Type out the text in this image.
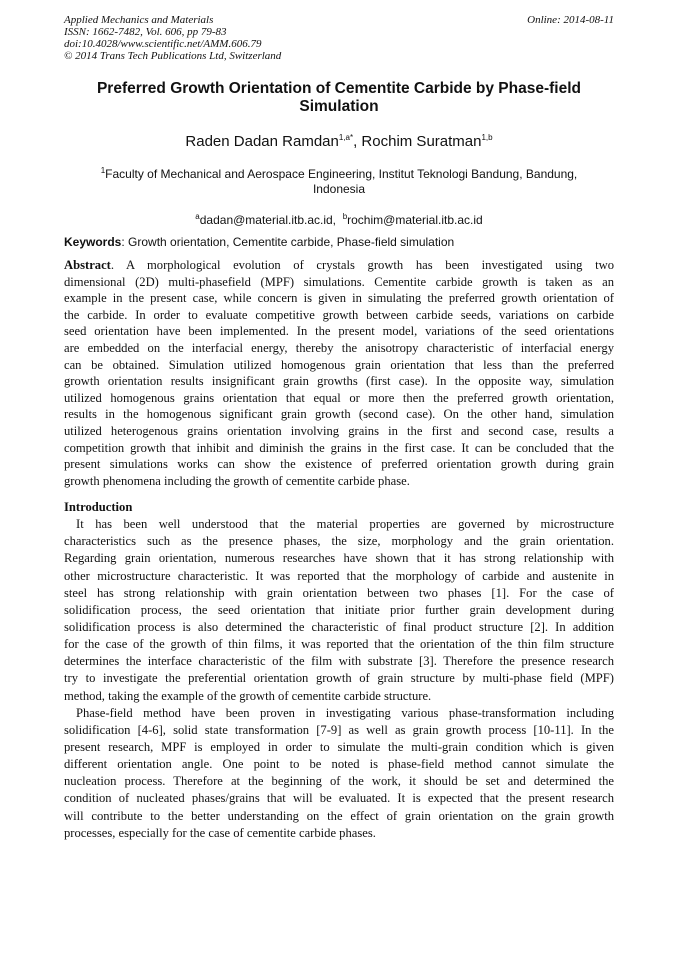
Applied Mechanics and Materials
ISSN: 1662-7482, Vol. 606, pp 79-83
doi:10.4028/www.scientific.net/AMM.606.79
© 2014 Trans Tech Publications Ltd, Switzerland
Online: 2014-08-11
Preferred Growth Orientation of Cementite Carbide by Phase-field
Simulation
Raden Dadan Ramdan$^{1,a*}$, Rochim Suratman$^{1,b}$
$^1$Faculty of Mechanical and Aerospace Engineering, Institut Teknologi Bandung, Bandung,
Indonesia
$^a$dadan@material.itb.ac.id,  $^b$rochim@material.itb.ac.id
Keywords: Growth orientation, Cementite carbide, Phase-field simulation
Abstract. A morphological evolution of crystals growth has been investigated using two
dimensional (2D) multi-phasefield (MPF) simulations. Cementite carbide growth is taken as an
example in the present case, while concern is given in simulating the preferred growth orientation of
the carbide. In order to evaluate competitive growth between carbide seeds, variations on carbide
seed orientation have been implemented. In the present model, variations of the seed orientations
are embedded on the interfacial energy, thereby the anisotropy characteristic of interfacial energy
can be obtained. Simulation utilized homogenous grain orientation that less than the preferred
growth orientation results insignificant grain growths (first case). In the opposite way, simulation
utilized homogenous grains orientation that equal or more then the preferred growth orientation,
results in the homogenous significant grain growth (second case). On the other hand, simulation
utilized heterogenous grains orientation involving grains in the first and second case, results a
competition growth that inhibit and diminish the grains in the first case. It can be concluded that the
present simulations works can show the existence of preferred orientation growth during grain
growth phenomena including the growth of cementite carbide phase.
Introduction
It has been well understood that the material properties are governed by microstructure
characteristics such as the presence phases, the size, morphology and the grain orientation.
Regarding grain orientation, numerous researches have shown that it has strong relationship with
other microstructure characteristic. It was reported that the morphology of carbide and austenite in
steel has strong relationship with grain orientation between two phases [1]. For the case of
solidification process, the seed orientation that initiate prior further grain development during
solidification process is also determined the characteristic of final product structure [2]. In addition
for the case of the growth of thin films, it was reported that the orientation of the thin film structure
determines the interface characteristic of the film with substrate [3]. Therefore the presence research
try to investigate the preferential orientation growth of grain structure by multi-phase field (MPF)
method, taking the example of the growth of cementite carbide structure.
Phase-field method have been proven in investigating various phase-transformation including
solidification [4-6], solid state transformation [7-9] as well as grain growth process [10-11]. In the
present research, MPF is employed in order to simulate the multi-grain condition which is given
different orientation angle. One point to be noted is phase-field method cannot simulate the
nucleation process. Therefore at the beginning of the work, it should be set and determined the
condition of nucleated phases/grains that will be evaluated. It is expected that the present research
will contribute to the better understanding on the effect of grain orientation on the grain growth
processes, especially for the case of cementite carbide phases.
